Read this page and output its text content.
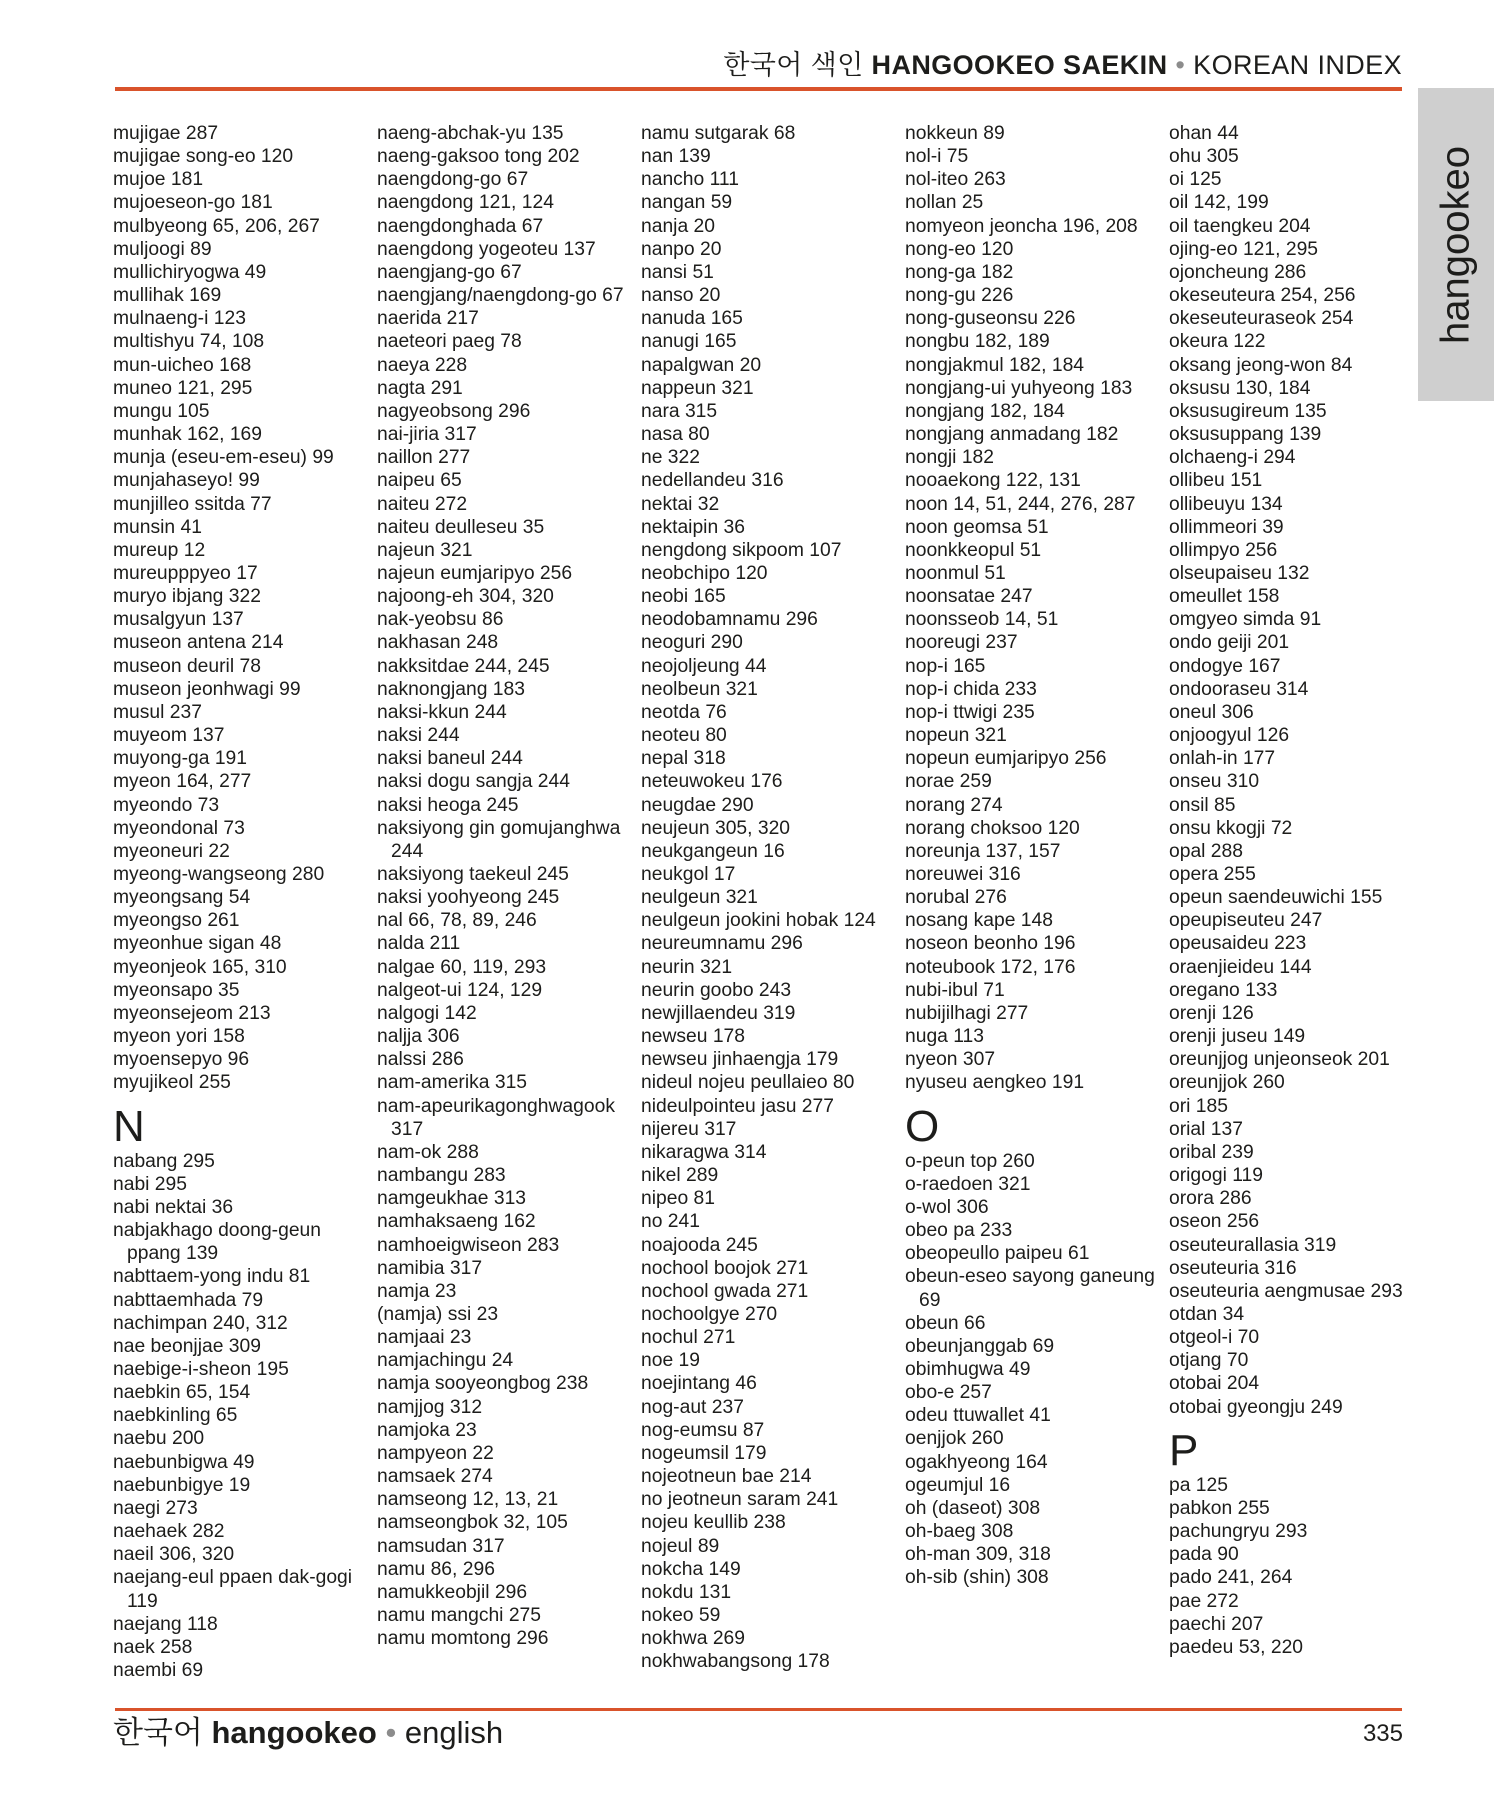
한국어 색인 HANGOOKEO SAEKIN • KOREAN INDEX
hangookeo
mujigae 287
mujigae song-eo 120
mujoe 181
mujoeseon-go 181
mulbyeong 65, 206, 267
muljoogi 89
mullichiryogwa 49
mullihak 169
mulnaeng-i 123
multishyu 74, 108
mun-uicheo 168
muneo 121, 295
mungu 105
munhak 162, 169
munja (eseu-em-eseu) 99
munjahaseyo! 99
munjilleo ssitda 77
munsin 41
mureup 12
mureupppyeo 17
muryo ibjang 322
musalgyun 137
museon antena 214
museon deuril 78
museon jeonhwagi 99
musul 237
muyeom 137
muyong-ga 191
myeon 164, 277
myeondo 73
myeondonal 73
myeoneuri 22
myeong-wangseong 280
myeongsang 54
myeongso 261
myeonhue sigan 48
myeonjeok 165, 310
myeonsapo 35
myeonsejeom 213
myeon yori 158
myoensepyo 96
myujikeol 255
N
nabang 295
nabi 295
nabi nektai 36
nabjakhago doong-geun ppang 139
nabttaem-yong indu 81
nabttaemhada 79
nachimpan 240, 312
nae beonjjae 309
naebige-i-sheon 195
naebkin 65, 154
naebkinling 65
naebu 200
naebunbigwa 49
naebunbigye 19
naegi 273
naehaek 282
naeil 306, 320
naejang-eul ppaen dak-gogi 119
naejang 118
naek 258
naembi 69
naeng-abchak-yu 135
naeng-gaksoo tong 202
naengdong-go 67
naengdong 121, 124
naengdonghada 67
naengdong yogeoteu 137
naengjang-go 67
naengjang/naengdong-go 67
naerida 217
naeteori paeg 78
naeya 228
nagta 291
nagyeobsong 296
nai-jiria 317
naillon 277
naipeu 65
naiteu 272
naiteu deulleseu 35
najeun 321
najeun eumjaripyo 256
najoong-eh 304, 320
nak-yeobsu 86
nakhasan 248
nakksitdae 244, 245
naknongjang 183
naksi-kkun 244
naksi 244
naksi baneul 244
naksi dogu sangja 244
naksi heoga 245
naksiyong gin gomujanghwa 244
naksiyong taekeul 245
naksi yoohyeong 245
nal 66, 78, 89, 246
nalda 211
nalgae 60, 119, 293
nalgeot-ui 124, 129
nalgogi 142
naljja 306
nalssi 286
nam-amerika 315
nam-apeurikagonghwagook 317
nam-ok 288
nambangu 283
namgeukhae 313
namhaksaeng 162
namhoeigwiseon 283
namibia 317
namja 23
(namja) ssi 23
namjaai 23
namjachingu 24
namja sooyeongbog 238
namjjog 312
namjoka 23
nampyeon 22
namsaek 274
namseong 12, 13, 21
namseongbok 32, 105
namsudan 317
namu 86, 296
namukkeobjil 296
namu mangchi 275
namu momtong 296
namu sutgarak 68
nan 139
nancho 111
nangan 59
nanja 20
nanpo 20
nansi 51
nanso 20
nanuda 165
nanugi 165
napalgwan 20
nappeun 321
nara 315
nasa 80
ne 322
nedellandeu 316
nektai 32
nektaipin 36
nengdong sikpoom 107
neobchipo 120
neobi 165
neodobamnamu 296
neoguri 290
neojoljeung 44
neolbeun 321
neotda 76
neoteu 80
nepal 318
neteuwokeu 176
neugdae 290
neujeun 305, 320
neukgangeun 16
neukgol 17
neulgeun 321
neulgeun jookini hobak 124
neureumnamu 296
neurin 321
neurin goobo 243
newjillaendeu 319
newseu 178
newseu jinhaengja 179
nideul nojeu peullaieo 80
nideulpointeu jasu 277
nijereu 317
nikaragwa 314
nikel 289
nipeo 81
no 241
noajooda 245
nochool boojok 271
nochool gwada 271
nochoolgye 270
nochul 271
noe 19
noejintang 46
nog-aut 237
nog-eumsu 87
nogeumsil 179
nojeotneun bae 214
no jeotneun saram 241
nojeu keullib 238
nojeul 89
nokcha 149
nokdu 131
nokeo 59
nokhwa 269
nokhwabangsong 178
nokkeun 89
nol-i 75
nol-iteo 263
nollan 25
nomyeon jeoncha 196, 208
nong-eo 120
nong-ga 182
nong-gu 226
nong-guseonsu 226
nongbu 182, 189
nongjakmul 182, 184
nongjang-ui yuhyeong 183
nongjang 182, 184
nongjang anmadang 182
nongji 182
nooaekong 122, 131
noon 14, 51, 244, 276, 287
noon geomsa 51
noonkkeopul 51
noonmul 51
noonsatae 247
noonsseob 14, 51
nooreugi 237
nop-i 165
nop-i chida 233
nop-i ttwigi 235
nopeun 321
nopeun eumjaripyo 256
norae 259
norang 274
norang choksoo 120
noreunja 137, 157
noreuwei 316
norubal 276
nosang kape 148
noseon beonho 196
noteubook 172, 176
nubi-ibul 71
nubijilhagi 277
nuga 113
nyeon 307
nyuseu aengkeo 191
O
o-peun top 260
o-raedoen 321
o-wol 306
obeo pa 233
obeopeullo paipeu 61
obeun-eseo sayong ganeung 69
obeun 66
obeunjanggab 69
obimhugwa 49
obo-e 257
odeu ttuwallet 41
oenjjok 260
ogakhyeong 164
ogeumjul 16
oh (daseot) 308
oh-baeg 308
oh-man 309, 318
oh-sib (shin) 308
ohan 44
ohu 305
oi 125
oil 142, 199
oil taengkeu 204
ojing-eo 121, 295
ojoncheung 286
okeseuteura 254, 256
okeseuteuraseok 254
okeura 122
oksang jeong-won 84
oksusu 130, 184
oksusugireum 135
oksusuppang 139
olchaeng-i 294
ollibeu 151
ollibeuyu 134
ollimmeori 39
ollimpyo 256
olseupaiseu 132
omeullet 158
omgyeo simda 91
ondo geiji 201
ondogye 167
ondooraseu 314
oneul 306
onjoogyul 126
onlah-in 177
onseu 310
onsil 85
onsu kkogji 72
opal 288
opera 255
opeun saendeuwichi 155
opeupiseuteu 247
opeusaideu 223
oraenjieideu 144
oregano 133
orenji 126
orenji juseu 149
oreunjjog unjeonseok 201
oreunjjok 260
ori 185
orial 137
oribal 239
origogi 119
orora 286
oseon 256
oseuteurallasia 319
oseuteuria 316
oseuteuria aengmusae 293
otdan 34
otgeol-i 70
otjang 70
otobai 204
otobai gyeongju 249
P
pa 125
pabkon 255
pachungryu 293
pada 90
pado 241, 264
pae 272
paechi 207
paedeu 53, 220
한국어 hangookeo • english	335
